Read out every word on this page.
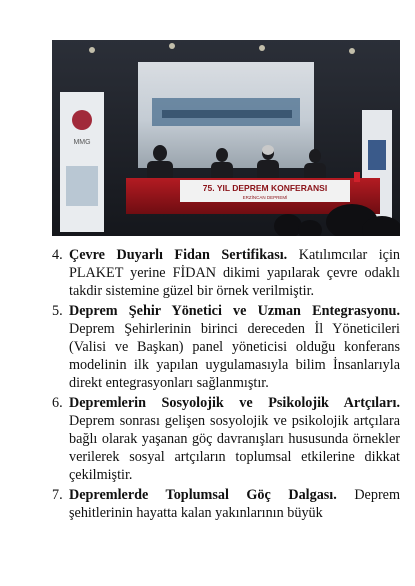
MMG
75. YIL DEPREM KONFERANSI
ERZİNCAN DEPREMİ
4. Çevre Duyarlı Fidan Sertifikası. Katılımcılar için PLAKET yerine FİDAN dikimi yapılarak çevre odaklı takdir sistemine güzel bir örnek verilmiştir.
5. Deprem Şehir Yönetici ve Uzman Entegrasyonu. Deprem Şehirlerinin birinci dereceden İl Yöneticileri (Valisi ve Başkan) panel yöneticisi olduğu konferans modelinin ilk yapılan uygulamasıyla bilim İnsanlarıyla direkt entegrasyonları sağlanmıştır.
6. Depremlerin Sosyolojik ve Psikolojik Artçıları. Deprem sonrası gelişen sosyolojik ve psikolojik artçılara bağlı olarak yaşanan göç davranışları hususunda örnekler verilerek sosyal artçıların toplumsal etkilerine dikkat çekilmiştir.
7. Depremlerde Toplumsal Göç Dalgası. Deprem şehitlerinin hayatta kalan yakınlarının büyük
